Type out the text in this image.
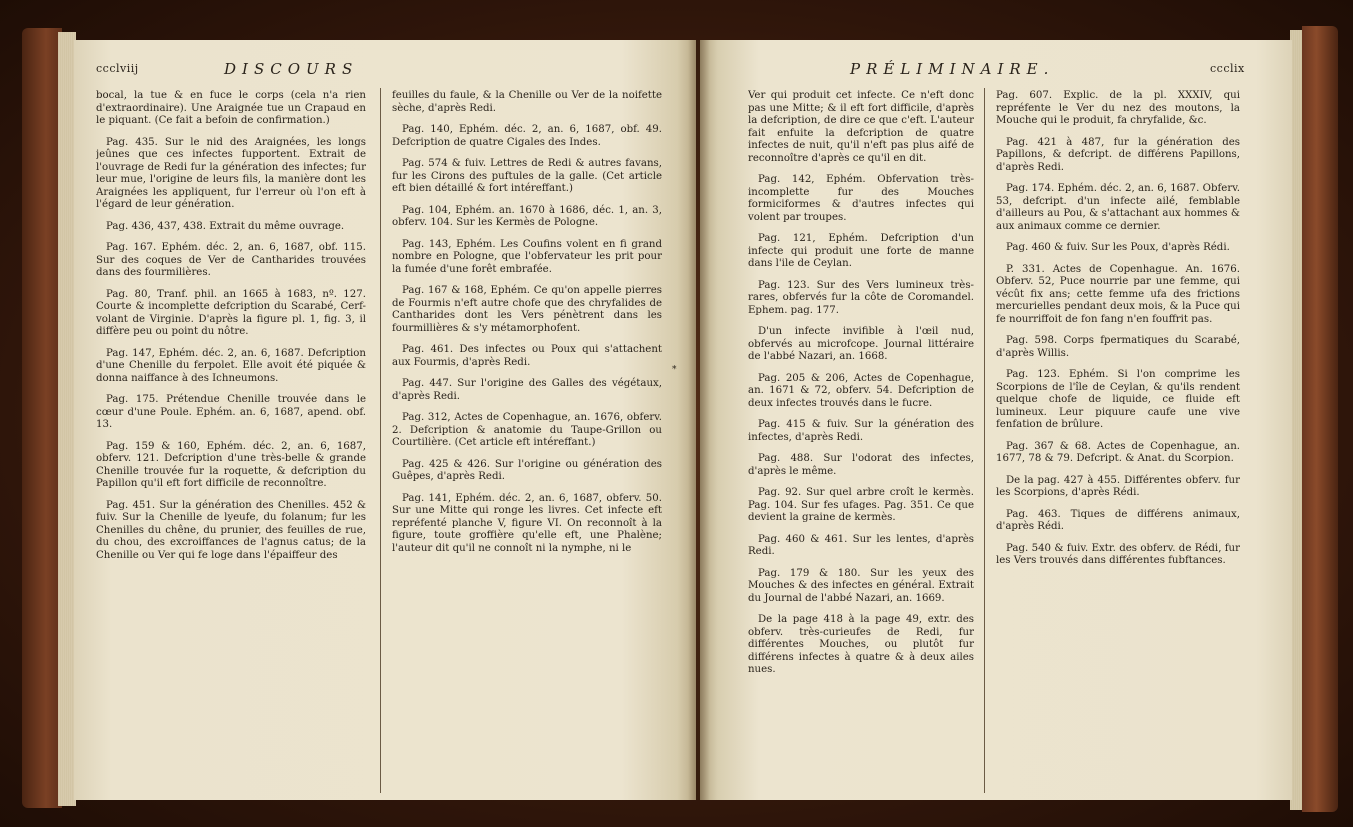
ccclviij	DISCOURS

bocal, la tue & en fuce le corps (cela n'a rien d'extraordinaire). Une Araignée tue un Crapaud en le piquant. (Ce fait a befoin de confirmation.)

Pag. 435. Sur le nid des Araignées, les longs jeûnes que ces infectes fupportent. Extrait de l'ouvrage de Redi fur la génération des infectes; fur leur mue, l'origine de leurs fils, la manière dont les Araignées les appliquent, fur l'erreur où l'on eft à l'égard de leur génération.

Pag. 436, 437, 438. Extrait du même ouvrage.

Pag. 167. Ephém. déc. 2, an. 6, 1687, obf. 115. Sur des coques de Ver de Cantharides trouvées dans des fourmilières.

Pag. 80, Tranf. phil. an 1665 à 1683, nº. 127. Courte & incomplette defcription du Scarabé, Cerf-volant de Virginie. D'après la figure pl. 1, fig. 3, il diffère peu ou point du nôtre.

Pag. 147, Ephém. déc. 2, an. 6, 1687. Defcription d'une Chenille du ferpolet. Elle avoit été piquée & donna naiffance à des Ichneumons.

Pag. 175. Prétendue Chenille trouvée dans le cœur d'une Poule. Ephém. an. 6, 1687, apend. obf. 13.

Pag. 159 & 160, Ephém. déc. 2, an. 6, 1687, obferv. 121. Defcription d'une très-belle & grande Chenille trouvée fur la roquette, & defcription du Papillon qu'il eft fort difficile de reconnoître.

Pag. 451. Sur la génération des Chenilles. 452 & fuiv. Sur la Chenille de lyeufe, du folanum; fur les Chenilles du chêne, du prunier, des feuilles de rue, du chou, des excroiffances de l'agnus catus; de la Chenille ou Ver qui fe loge dans l'épaiffeur des

feuilles du faule, & la Chenille ou Ver de la noifette sèche, d'après Redi.

Pag. 140, Ephém. déc. 2, an. 6, 1687, obf. 49. Defcription de quatre Cigales des Indes.

Pag. 574 & fuiv. Lettres de Redi & autres favans, fur les Cirons des puftules de la galle. (Cet article eft bien détaillé & fort intéreffant.)

Pag. 104, Ephém. an. 1670 à 1686, déc. 1, an. 3, obferv. 104. Sur les Kermès de Pologne.

Pag. 143, Ephém. Les Coufins volent en fi grand nombre en Pologne, que l'obfervateur les prit pour la fumée d'une forêt embrafée.

Pag. 167 & 168, Ephém. Ce qu'on appelle pierres de Fourmis n'eft autre chofe que des chryfalides de Cantharides dont les Vers pénètrent dans les fourmillières & s'y métamorphofent.

Pag. 461. Des infectes ou Poux qui s'attachent aux Fourmis, d'après Redi.

Pag. 447. Sur l'origine des Galles des végétaux, d'après Redi.

Pag. 312, Actes de Copenhague, an. 1676, obferv. 2. Defcription & anatomie du Taupe-Grillon ou Courtilière. (Cet article eft intéreffant.)

Pag. 425 & 426. Sur l'origine ou génération des Guêpes, d'après Redi.

Pag. 141, Ephém. déc. 2, an. 6, 1687, obferv. 50. Sur une Mitte qui ronge les livres. Cet infecte eft repréfenté planche V, figure VI. On reconnoît à la figure, toute groffière qu'elle eft, une Phalène; l'auteur dit qu'il ne connoît ni la nymphe, ni le

*
PRÉLIMINAIRE.	ccclix

Ver qui produit cet infecte. Ce n'eft donc pas une Mitte; & il eft fort difficile, d'après la defcription, de dire ce que c'eft. L'auteur fait enfuite la defcription de quatre infectes de nuit, qu'il n'eft pas plus aifé de reconnoître d'après ce qu'il en dit.

Pag. 142, Ephém. Obfervation très-incomplette fur des Mouches formiciformes & d'autres infectes qui volent par troupes.

Pag. 121, Ephém. Defcription d'un infecte qui produit une forte de manne dans l'ile de Ceylan.

Pag. 123. Sur des Vers lumineux très-rares, obfervés fur la côte de Coromandel. Ephem. pag. 177.

D'un infecte invifible à l'œil nud, obfervés au microfcope. Journal littéraire de l'abbé Nazari, an. 1668.

Pag. 205 & 206, Actes de Copenhague, an. 1671 & 72, obferv. 54. Defcription de deux infectes trouvés dans le fucre.

Pag. 415 & fuiv. Sur la génération des infectes, d'après Redi.

Pag. 488. Sur l'odorat des infectes, d'après le même.

Pag. 92. Sur quel arbre croît le kermès. Pag. 104. Sur fes ufages. Pag. 351. Ce que devient la graine de kermès.

Pag. 460 & 461. Sur les lentes, d'après Redi.

Pag. 179 & 180. Sur les yeux des Mouches & des infectes en général. Extrait du Journal de l'abbé Nazari, an. 1669.

De la page 418 à la page 49, extr. des obferv. très-curieufes de Redi, fur différentes Mouches, ou plutôt fur différens infectes à quatre & à deux ailes nues.

Pag. 607. Explic. de la pl. XXXIV, qui repréfente le Ver du nez des moutons, la Mouche qui le produit, fa chryfalide, &c.

Pag. 421 à 487, fur la génération des Papillons, & defcript. de différens Papillons, d'après Redi.

Pag. 174. Ephém. déc. 2, an. 6, 1687. Obferv. 53, defcript. d'un infecte ailé, femblable d'ailleurs au Pou, & s'attachant aux hommes & aux animaux comme ce dernier.

Pag. 460 & fuiv. Sur les Poux, d'après Rédi.

P. 331. Actes de Copenhague. An. 1676. Obferv. 52, Puce nourrie par une femme, qui vécût fix ans; cette femme ufa des frictions mercurielles pendant deux mois, & la Puce qui fe nourriffoit de fon fang n'en fouffrit pas.

Pag. 598. Corps fpermatiques du Scarabé, d'après Willis.

Pag. 123. Ephém. Si l'on comprime les Scorpions de l'île de Ceylan, & qu'ils rendent quelque chofe de liquide, ce fluide eft lumineux. Leur piquure caufe une vive fenfation de brûlure.

Pag. 367 & 68. Actes de Copenhague, an. 1677, 78 & 79. Defcript. & Anat. du Scorpion.

De la pag. 427 à 455. Différentes obferv. fur les Scorpions, d'après Rédi.

Pag. 463. Tiques de différens animaux, d'après Rédi.

Pag. 540 & fuiv. Extr. des obferv. de Rédi, fur les Vers trouvés dans différentes fubftances.
